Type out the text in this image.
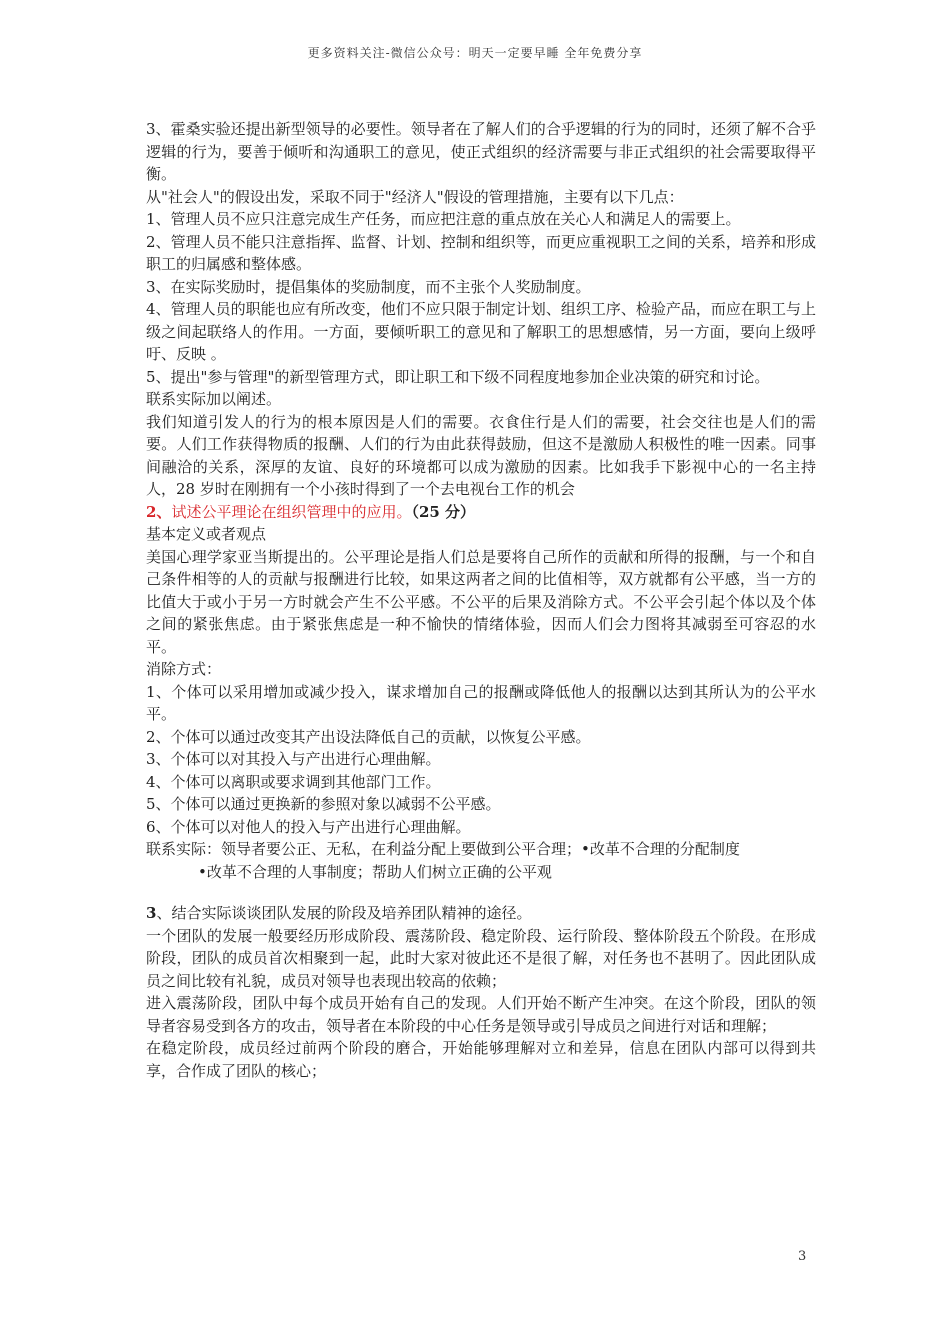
更多资料关注-微信公众号：明天一定要早睡 全年免费分享

3、霍桑实验还提出新型领导的必要性。领导者在了解人们的合乎逻辑的行为的同时，还须了解不合乎逻辑的行为，要善于倾听和沟通职工的意见，使正式组织的经济需要与非正式组织的社会需要取得平衡。

从"社会人"的假设出发，采取不同于"经济人"假设的管理措施，主要有以下几点：

1、管理人员不应只注意完成生产任务，而应把注意的重点放在关心人和满足人的需要上。

2、管理人员不能只注意指挥、监督、计划、控制和组织等，而更应重视职工之间的关系，培养和形成 职工的归属感和整体感。

3、在实际奖励时，提倡集体的奖励制度，而不主张个人奖励制度。

4、管理人员的职能也应有所改变，他们不应只限于制定计划、组织工序、检验产品，而应在职工与上级之间起联络人的作用。一方面，要倾听职工的意见和了解职工的思想感情，另一方面，要向上级呼吁、反映 。

5、提出"参与管理"的新型管理方式，即让职工和下级不同程度地参加企业决策的研究和讨论。

联系实际加以阐述。

我们知道引发人的行为的根本原因是人们的需要。衣食住行是人们的需要，社会交往也是人们的需要。人们工作获得物质的报酬、人们的行为由此获得鼓励，但这不是激励人积极性的唯一因素。同事间融洽的关系，深厚的友谊、良好的环境都可以成为激励的因素。比如我手下影视中心的一名主持人，28 岁时在刚拥有一个小孩时得到了一个去电视台工作的机会

2、试述公平理论在组织管理中的应用。（25 分）

基本定义或者观点

美国心理学家亚当斯提出的。公平理论是指人们总是要将自己所作的贡献和所得的报酬，与一个和自己条件相等的人的贡献与报酬进行比较，如果这两者之间的比值相等，双方就都有公平感，当一方的比值大于或小于另一方时就会产生不公平感。不公平的后果及消除方式。不公平会引起个体以及个体之间的紧张焦虑。由于紧张焦虑是一种不愉快的情绪体验，因而人们会力图将其减弱至可容忍的水平。

消除方式：

1、个体可以采用增加或减少投入，谋求增加自己的报酬或降低他人的报酬以达到其所认为的公平水平。

2、个体可以通过改变其产出设法降低自己的贡献，以恢复公平感。

3、个体可以对其投入与产出进行心理曲解。

4、个体可以离职或要求调到其他部门工作。

5、个体可以通过更换新的参照对象以减弱不公平感。

6、个体可以对他人的投入与产出进行心理曲解。

联系实际：领导者要公正、无私，在利益分配上要做到公平合理；•改革不合理的分配制度

•改革不合理的人事制度；帮助人们树立正确的公平观

3、结合实际谈谈团队发展的阶段及培养团队精神的途径。

一个团队的发展一般要经历形成阶段、震荡阶段、稳定阶段、运行阶段、整体阶段五个阶段。在形成阶段，团队的成员首次相聚到一起，此时大家对彼此还不是很了解，对任务也不甚明了。因此团队成员之间比较有礼貌，成员对领导也表现出较高的依赖；

进入震荡阶段，团队中每个成员开始有自己的发现。人们开始不断产生冲突。在这个阶段，团队的领导者容易受到各方的攻击，领导者在本阶段的中心任务是领导或引导成员之间进行对话和理解；

在稳定阶段，成员经过前两个阶段的磨合，开始能够理解对立和差异，信息在团队内部可以得到共享，合作成了团队的核心；

3
